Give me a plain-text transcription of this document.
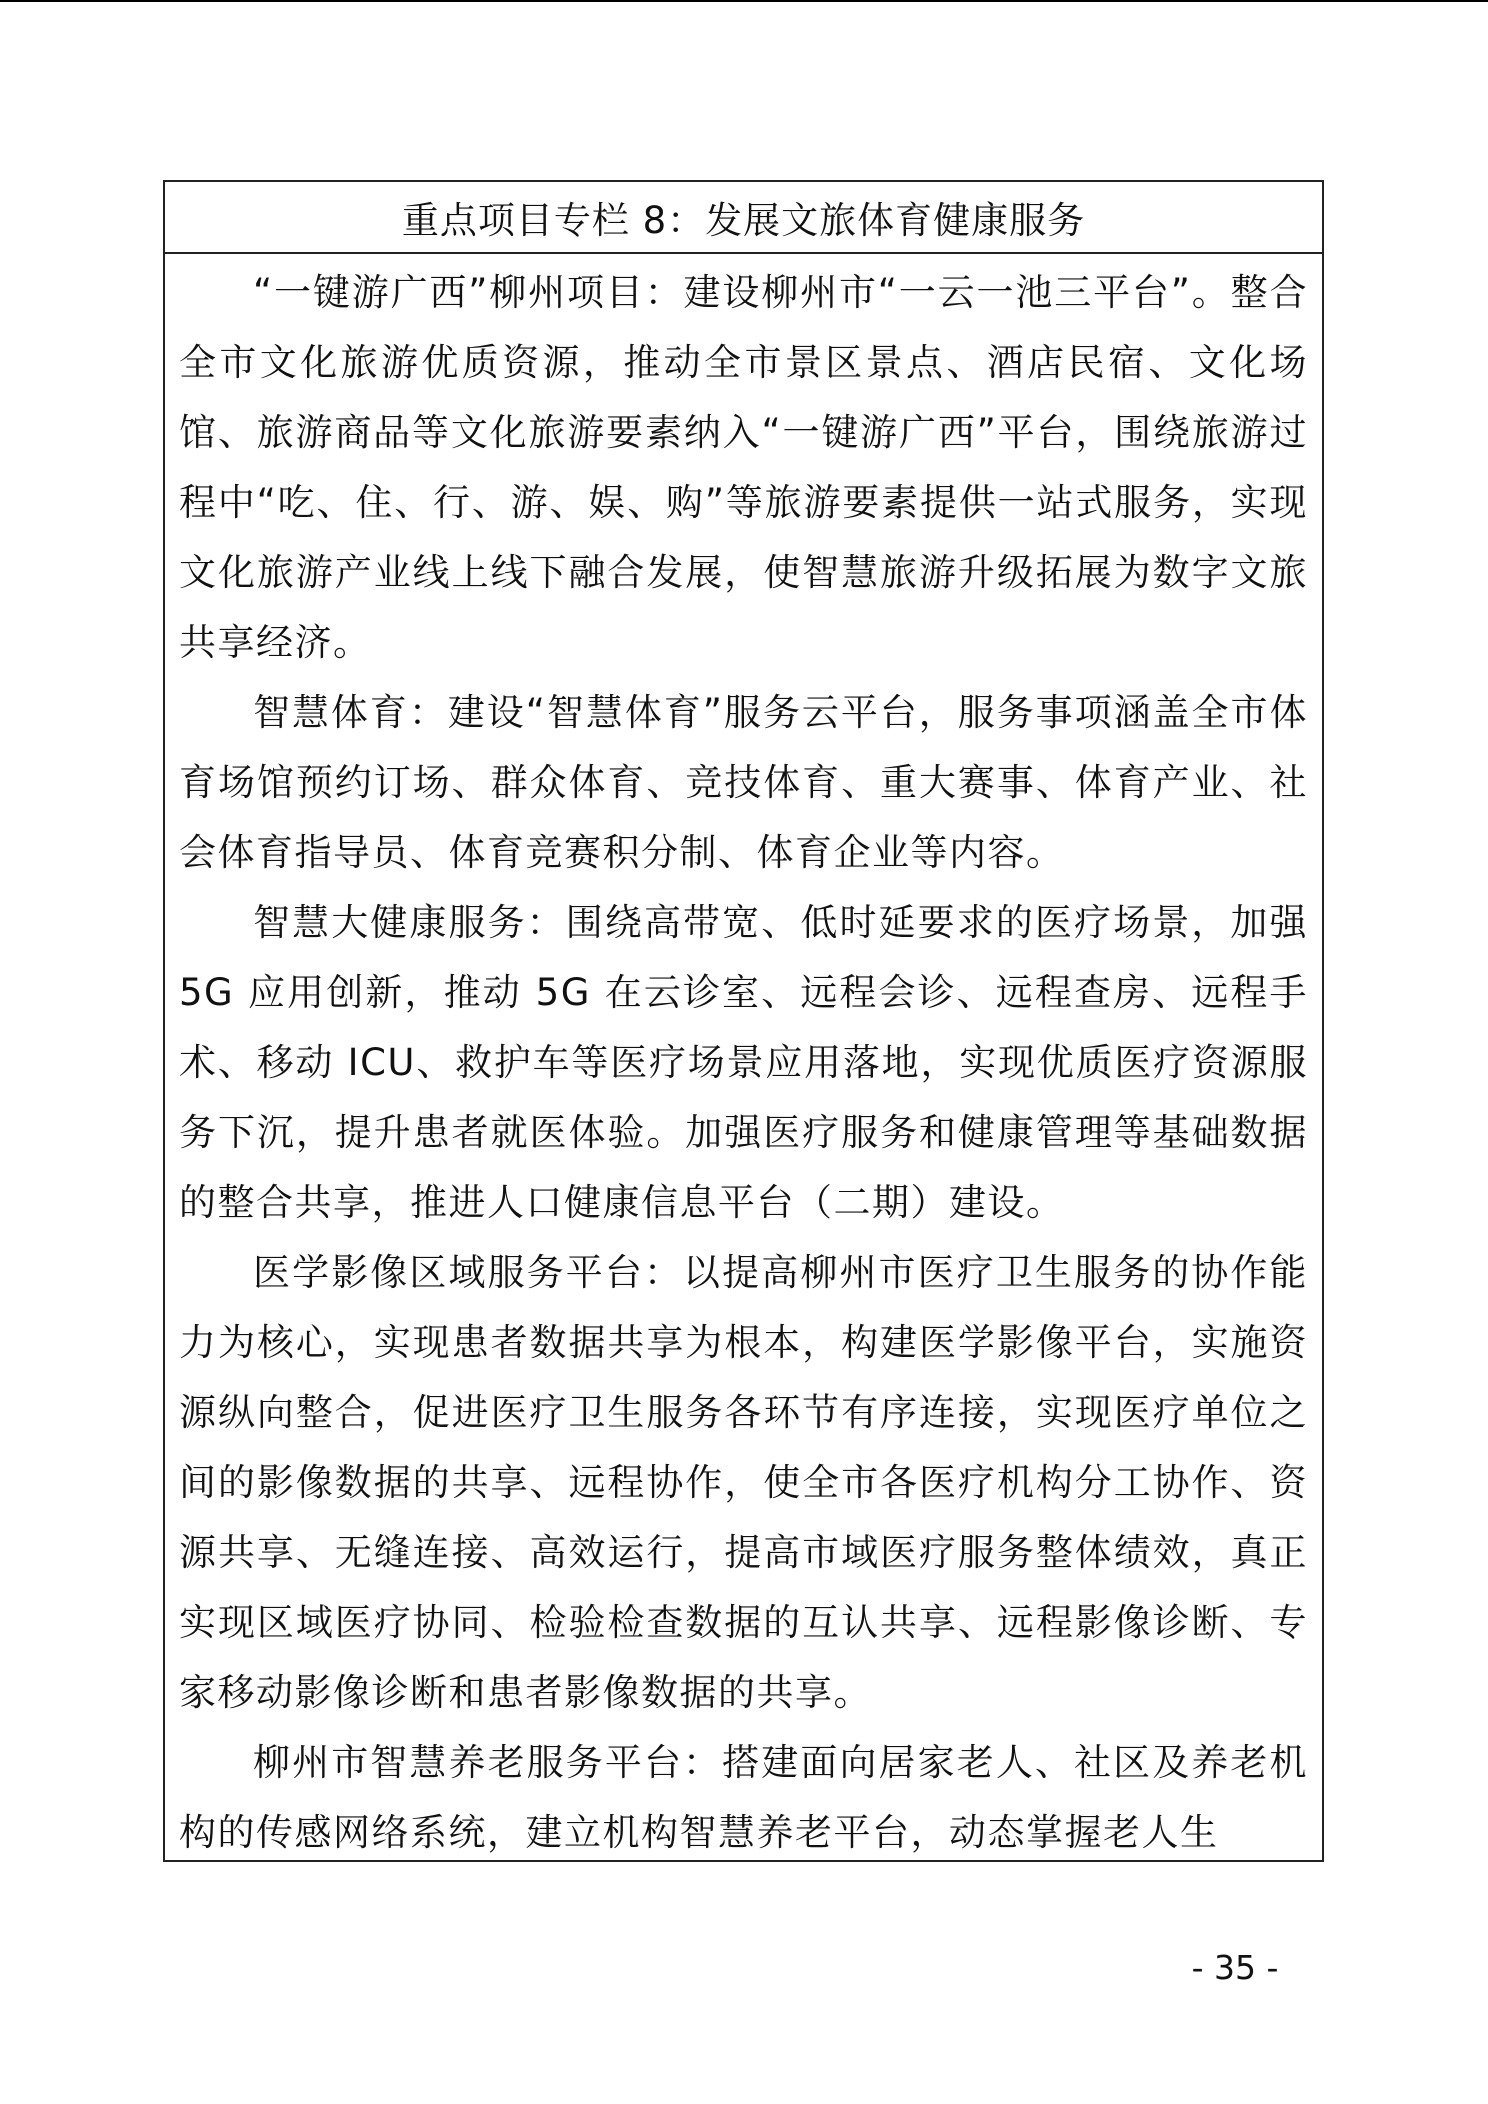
重点项目专栏 8：发展文旅体育健康服务

“一键游广西”柳州项目：建设柳州市“一云一池三平台”。整合全市文化旅游优质资源，推动全市景区景点、酒店民宿、文化场馆、旅游商品等文化旅游要素纳入“一键游广西”平台，围绕旅游过程中“吃、住、行、游、娱、购”等旅游要素提供一站式服务，实现文化旅游产业线上线下融合发展，使智慧旅游升级拓展为数字文旅共享经济。

智慧体育：建设“智慧体育”服务云平台，服务事项涵盖全市体育场馆预约订场、群众体育、竞技体育、重大赛事、体育产业、社会体育指导员、体育竞赛积分制、体育企业等内容。

智慧大健康服务：围绕高带宽、低时延要求的医疗场景，加强 5G 应用创新，推动 5G 在云诊室、远程会诊、远程查房、远程手术、移动 ICU、救护车等医疗场景应用落地，实现优质医疗资源服务下沉，提升患者就医体验。加强医疗服务和健康管理等基础数据的整合共享，推进人口健康信息平台（二期）建设。

医学影像区域服务平台：以提高柳州市医疗卫生服务的协作能力为核心，实现患者数据共享为根本，构建医学影像平台，实施资源纵向整合，促进医疗卫生服务各环节有序连接，实现医疗单位之间的影像数据的共享、远程协作，使全市各医疗机构分工协作、资源共享、无缝连接、高效运行，提高市域医疗服务整体绩效，真正实现区域医疗协同、检验检查数据的互认共享、远程影像诊断、专家移动影像诊断和患者影像数据的共享。

柳州市智慧养老服务平台：搭建面向居家老人、社区及养老机构的传感网络系统，建立机构智慧养老平台，动态掌握老人生

- 35 -
